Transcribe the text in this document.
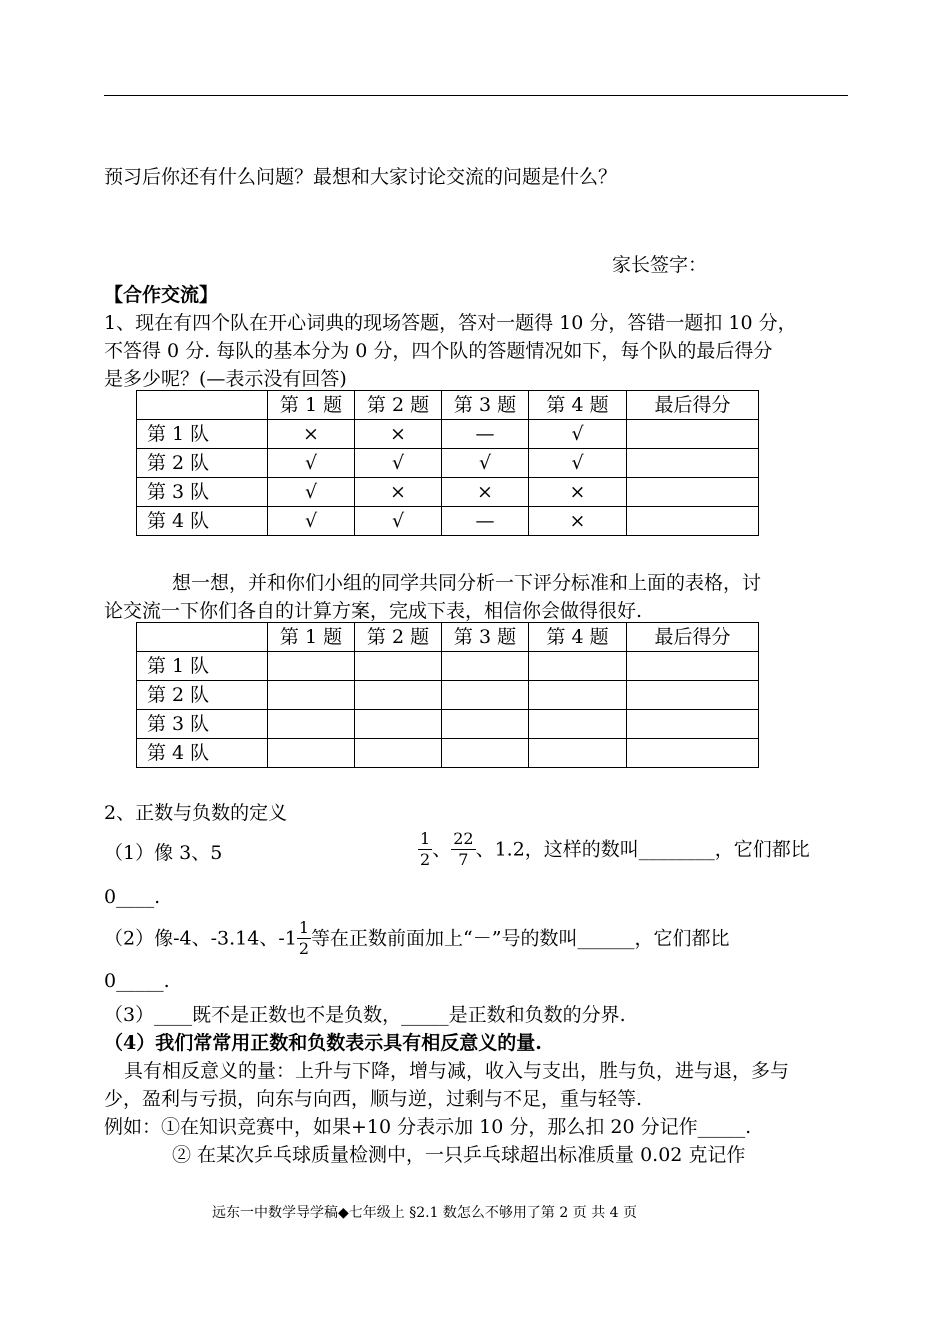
预习后你还有什么问题？最想和大家讨论交流的问题是什么？
家长签字：
【合作交流】
1、现在有四个队在开心词典的现场答题，答对一题得 10 分，答错一题扣 10 分，
不答得 0 分. 每队的基本分为 0 分，四个队的答题情况如下，每个队的最后得分
是多少呢？(—表示没有回答)
	第 1 题	第 2 题	第 3 题	第 4 题	最后得分
第 1 队	×	×	—	√	
第 2 队	√	√	√	√	
第 3 队	√	×	×	×	
第 4 队	√	√	—	×	
想一想，并和你们小组的同学共同分析一下评分标准和上面的表格，讨
论交流一下你们各自的计算方案，完成下表，相信你会做得很好.
	第 1 题	第 2 题	第 3 题	第 4 题	最后得分
第 1 队					
第 2 队					
第 3 队					
第 4 队					
2、正数与负数的定义
（1）像 3、5	$\frac{1}{2}$ 、 $\frac{22}{7}$ 、1.2，这样的数叫________，它们都比
0____.
（2）像-4、-3.14、$-1 \frac{1}{2}$ 等在正数前面加上“－”号的数叫______，它们都比
0_____.
（3）____既不是正数也不是负数，_____是正数和负数的分界.
（4）我们常常用正数和负数表示具有相反意义的量.
具有相反意义的量：上升与下降，增与减，收入与支出，胜与负，进与退，多与
少，盈利与亏损，向东与向西，顺与逆，过剩与不足，重与轻等.
例如：①在知识竞赛中，如果+10 分表示加 10 分，那么扣 20 分记作_____.
② 在某次乒乓球质量检测中，一只乒乓球超出标准质量 0.02 克记作
远东一中数学导学稿◆七年级上 §2.1 数怎么不够用了第 2 页 共 4 页
